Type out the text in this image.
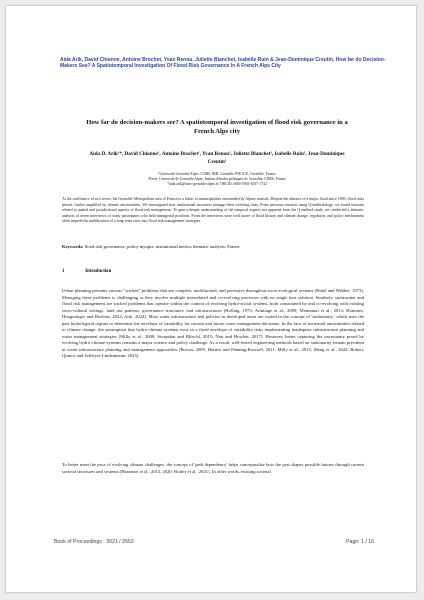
Aida Arik, David Chionne, Antoine Brochet, Yvan Renou, Juliette Blanchet, Isabelle Ruin & Jean-Dominique Creutin, How far do Decision-Makers See? A Spatiotemporal Investigation Of Flood Risk Governance In A French Alps City
How far do decision-makers see? A spatiotemporal investigation of flood risk governance in a French Alps city
Aida D. Arik¹*, David Chionne¹, Antoine Brochet¹, Yvan Renou², Juliette Blanchet¹, Isabelle Ruin¹, Jean-Dominique Creutin¹
¹Université Grenoble Alpes, CNRS, IRD, Grenoble INP, IGE, Grenoble, France
²Pacte, Université de Grenoble Alpes, Institut d'études politiques de Grenoble, CNRS, France
*aida.arik@univ-grenoble-alpes.fr; ORCID: 0000-0001-6357-1742
At the confluence of two rivers, the Grenoble Metropolitan area of France is a fabric of municipalities surrounded by Alpine massifs. Despite the absence of a major flood since 1859, flood risks persist, further amplified by climate uncertainties. We investigated how institutional structures manage these evolving risks. From previous research using Q-methodology, we found tensions related to spatial and jurisdictional aspects of flood risk management. To gain a deeper understanding of the temporal aspects not apparent from the Q-method study, we conducted a thematic analysis of seven interviews of study participants who held managerial positions. From the interviews were well aware of flood history and climate change, regulatory and policy mechanisms often impede the mobilization of a long-term view into flood risk management strategies.
Keywords: flood risk governance; policy myopia, institutional inertia; thematic analysis; France
1	Introduction
Urban planning presents various "wicked" problems that are complex, multifaceted, and pervasive throughout socio-ecological systems (Rittel and Webber, 1973). Managing these problems is challenging as they involve multiple interrelated and co-evolving processes with no single best solution. Similarly, stormwater and flood risk management are wicked problems that operate within the context of evolving hydro-social systems, both constrained by and co-evolving with existing socio-cultural settings, land use patterns, governance structures, and infrastructures (Holling, 1973; Armitage et al., 2009; Montanari et al., 2013; Hommes, Hoogesteger and Boelens, 2022; Arik, 2024). Most water infrastructure and policies in developed areas are rooted in the concept of 'stationarity,' which uses the past hydrological regime to determine the envelope of variability for current and future water management decisions. In the face of increased uncertainties related to climate change, the assumption that hydro-climate systems exist in a fixed envelope of variability risks implementing inadequate infrastructure planning and water management strategies (Milly et al., 2008; Sivapalan and Blöschl, 2015; Nair and Howlett, 2017). However, better capturing the uncertainty posed by evolving hydro-climate systems remains a major science and policy challenge. As a result, well-tested engineering methods based on stationarity remain prevalent in water infrastructure planning and management approaches (Brown, 2005; Harries and Penning-Rowsell, 2011; Milly et al., 2015; Meng et al., 2022; Robert, Quincy and Schleyer-Lindenmann, 2023).
To better meet the pace of evolving climate challenges, the concept of 'path dependency' helps conceptualise how the past shapes possible futures through current societal structures and systems (Haasnoot et al., 2013, 2020; Bruley et al., 2021). In other words, existing societal
Book of Proceedings : 3021 / 3553	Page: 1 / 16
